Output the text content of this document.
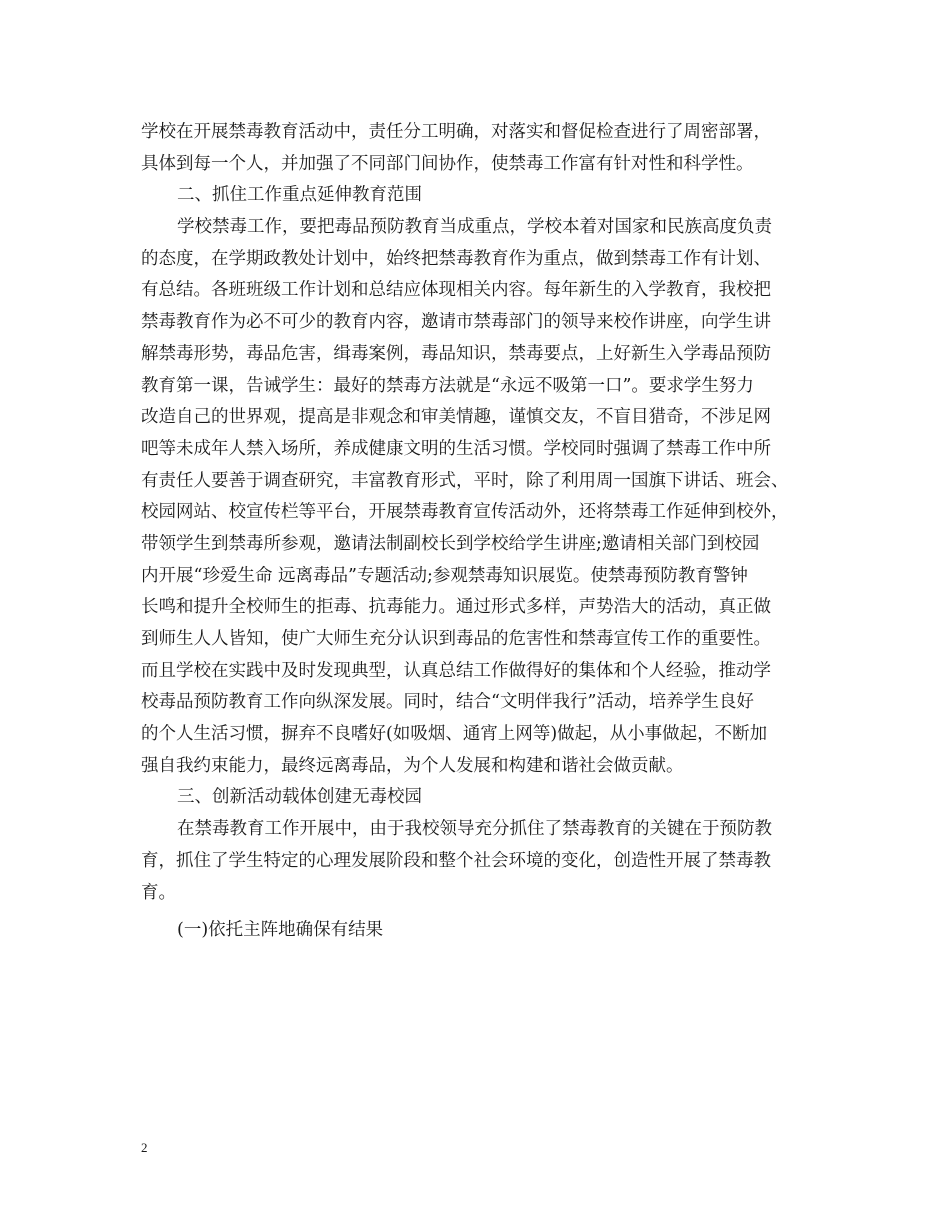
学校在开展禁毒教育活动中，责任分工明确，对落实和督促检查进行了周密部署，
具体到每一个人，并加强了不同部门间协作，使禁毒工作富有针对性和科学性。
二、抓住工作重点延伸教育范围
学校禁毒工作，要把毒品预防教育当成重点，学校本着对国家和民族高度负责
的态度，在学期政教处计划中，始终把禁毒教育作为重点，做到禁毒工作有计划、
有总结。各班班级工作计划和总结应体现相关内容。每年新生的入学教育，我校把
禁毒教育作为必不可少的教育内容，邀请市禁毒部门的领导来校作讲座，向学生讲
解禁毒形势，毒品危害，缉毒案例，毒品知识，禁毒要点，上好新生入学毒品预防
教育第一课，告诫学生：最好的禁毒方法就是“永远不吸第一口”。要求学生努力
改造自己的世界观，提高是非观念和审美情趣，谨慎交友，不盲目猎奇，不涉足网
吧等未成年人禁入场所，养成健康文明的生活习惯。学校同时强调了禁毒工作中所
有责任人要善于调查研究，丰富教育形式，平时，除了利用周一国旗下讲话、班会、
校园网站、校宣传栏等平台，开展禁毒教育宣传活动外，还将禁毒工作延伸到校外，
带领学生到禁毒所参观，邀请法制副校长到学校给学生讲座;邀请相关部门到校园
内开展“珍爱生命 远离毒品”专题活动;参观禁毒知识展览。使禁毒预防教育警钟
长鸣和提升全校师生的拒毒、抗毒能力。通过形式多样，声势浩大的活动，真正做
到师生人人皆知，使广大师生充分认识到毒品的危害性和禁毒宣传工作的重要性。
而且学校在实践中及时发现典型，认真总结工作做得好的集体和个人经验，推动学
校毒品预防教育工作向纵深发展。同时，结合“文明伴我行”活动，培养学生良好
的个人生活习惯，摒弃不良嗜好(如吸烟、通宵上网等)做起，从小事做起，不断加
强自我约束能力，最终远离毒品，为个人发展和构建和谐社会做贡献。
三、创新活动载体创建无毒校园
在禁毒教育工作开展中，由于我校领导充分抓住了禁毒教育的关键在于预防教
育，抓住了学生特定的心理发展阶段和整个社会环境的变化，创造性开展了禁毒教
育。
(一)依托主阵地确保有结果
2
